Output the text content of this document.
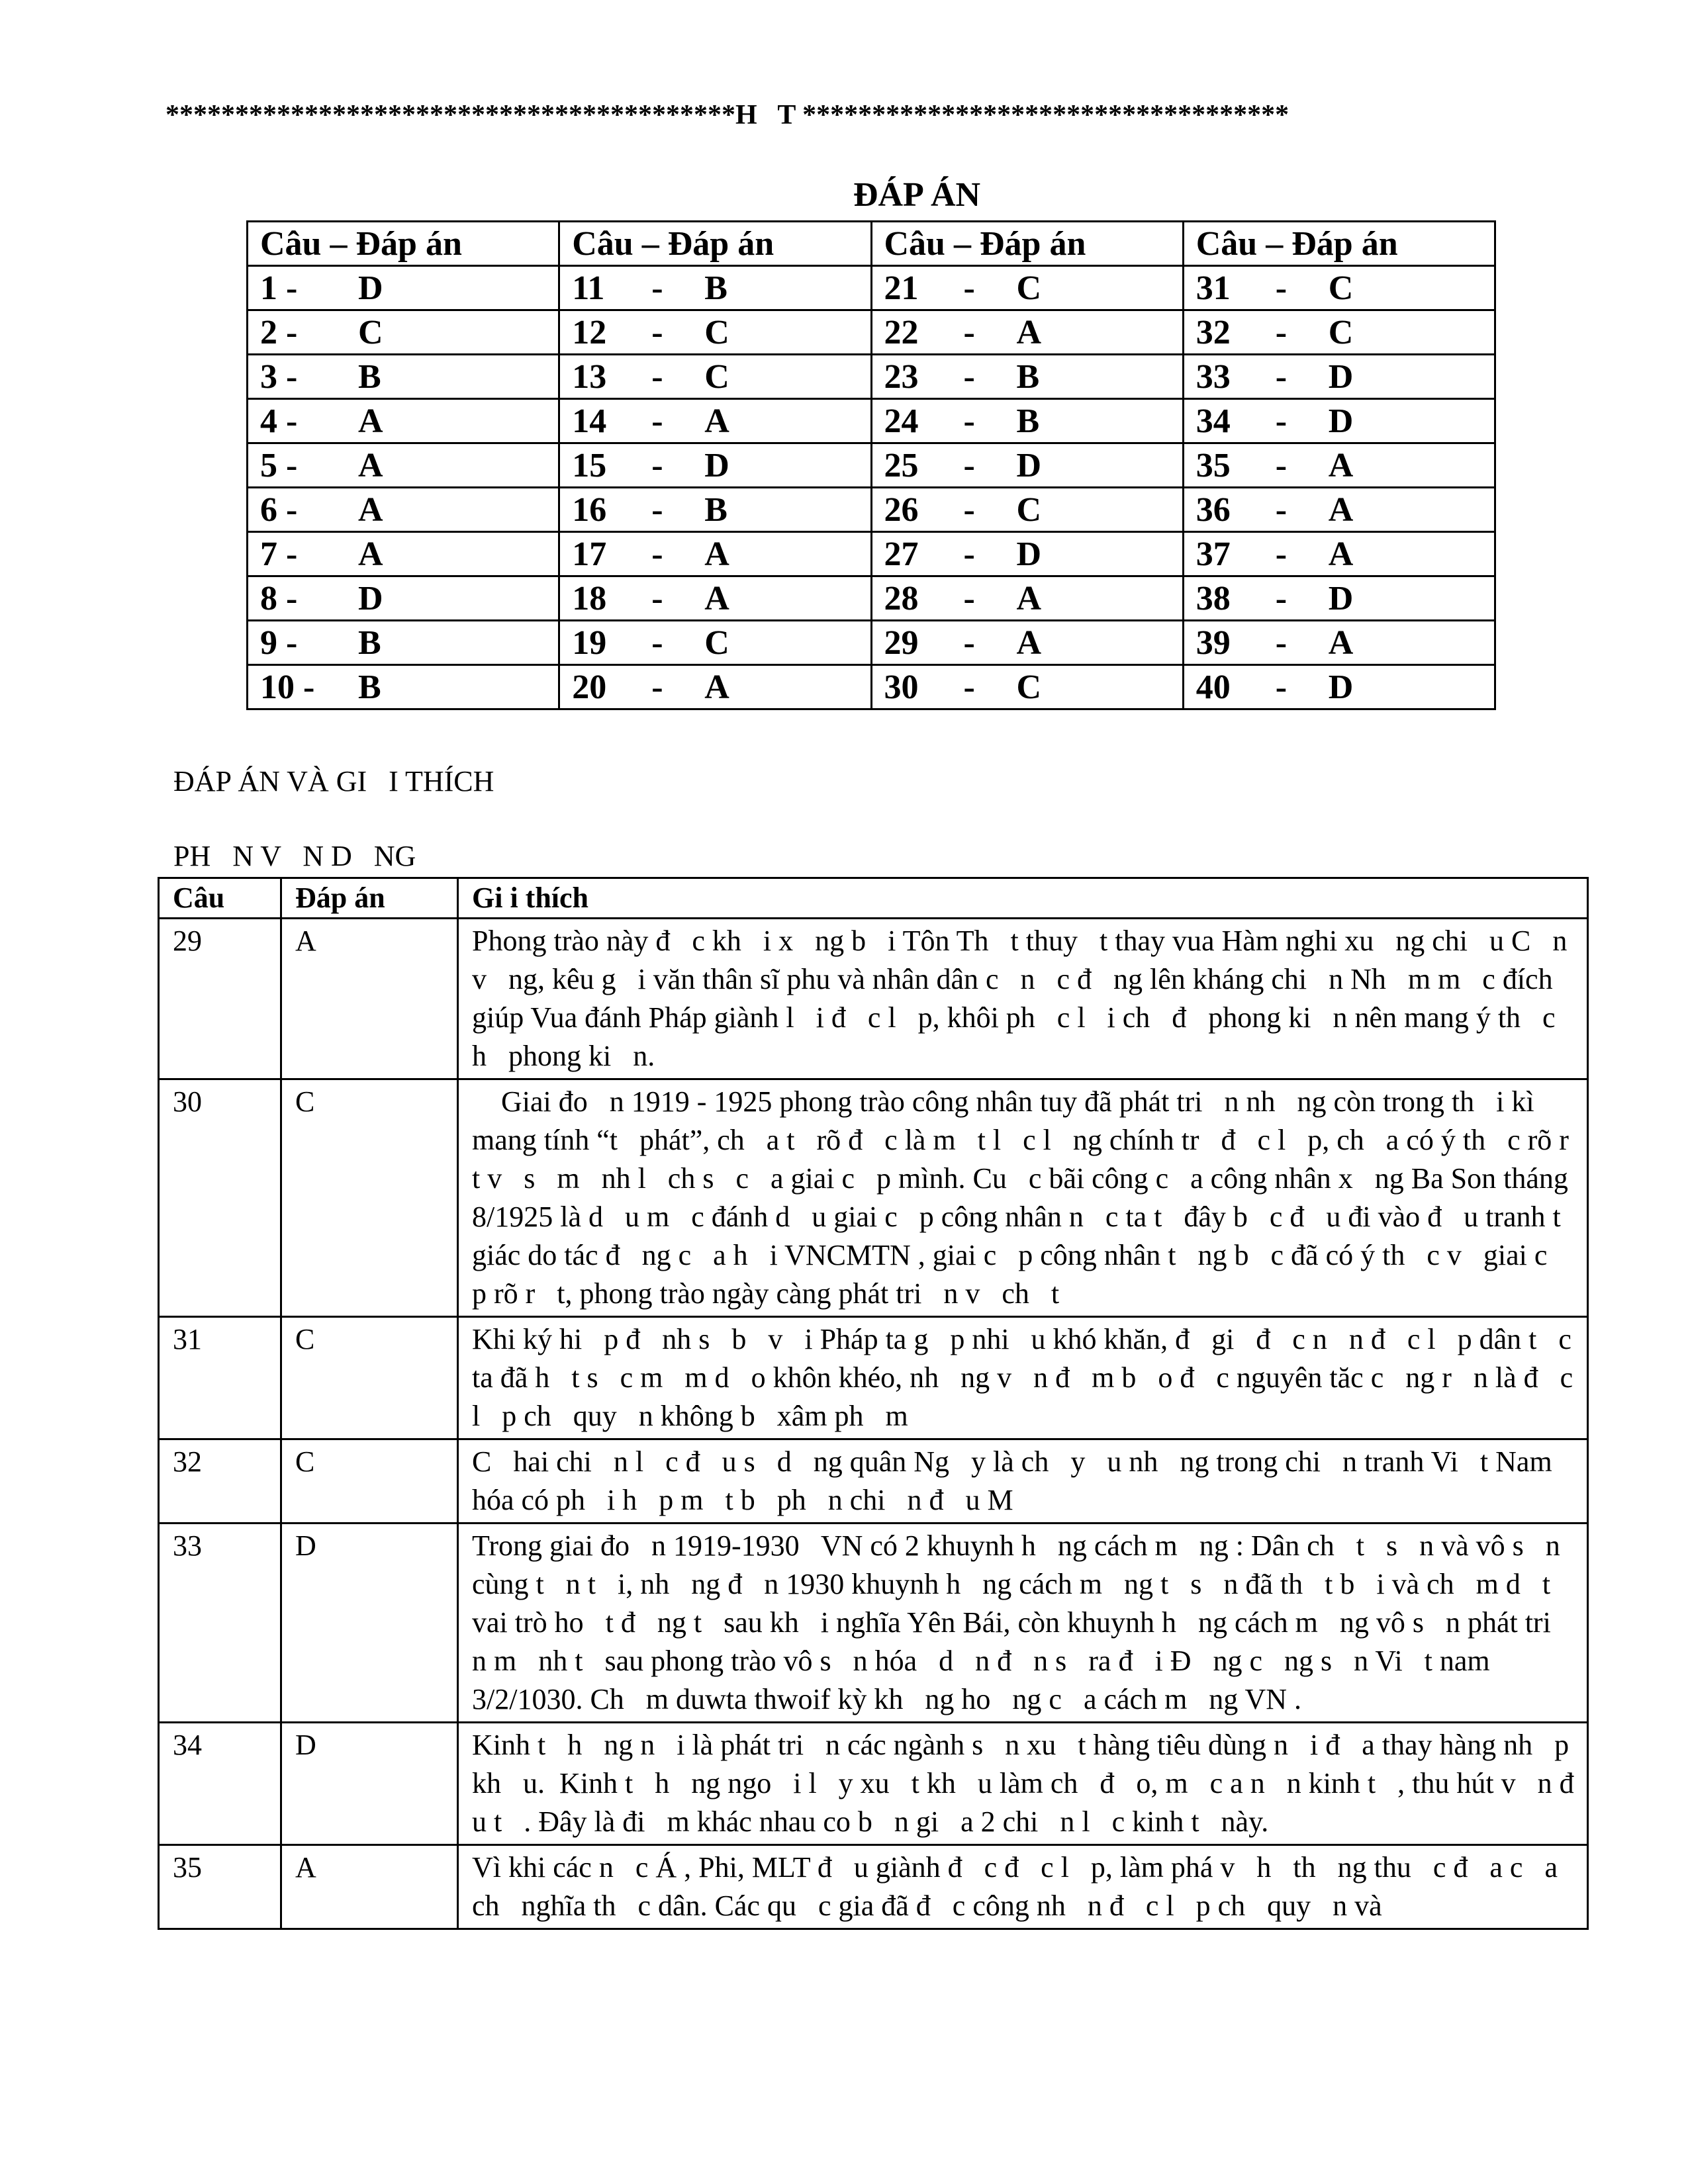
*****************************************H   T ***********************************
ĐÁP ÁN
Câu – Đáp án	Câu – Đáp án	Câu – Đáp án	Câu – Đáp án
1 - D	11 - B	21 - C	31 - C
2 - C	12 - C	22 - A	32 - C
3 - B	13 - C	23 - B	33 - D
4 - A	14 - A	24 - B	34 - D
5 - A	15 - D	25 - D	35 - A
6 - A	16 - B	26 - C	36 - A
7 - A	17 - A	27 - D	37 - A
8 - D	18 - A	28 - A	38 - D
9 - B	19 - C	29 - A	39 - A
10 - B	20 - A	30 - C	40 - D
ĐÁP ÁN VÀ GI   I THÍCH
PH   N V   N D   NG
Câu	Đáp án	Gi i thích
29	A	Phong trào này đ   c kh   i x   ng b   i Tôn Th   t thuy   t thay vua Hàm nghi xu   ng chi   u C   n v   ng, kêu g   i văn thân sĩ phu và nhân dân c   n   c đ   ng lên kháng chi   n Nh   m m   c đích giúp Vua đánh Pháp giành l   i đ   c l   p, khôi ph   c l   i ch   đ   phong ki   n nên mang ý th   c h   phong ki   n.
30	C	Giai đo   n 1919 - 1925 phong trào công nhân tuy đã phát tri   n nh   ng còn trong th   i kì mang tính “t   phát”, ch   a t   rõ đ   c là m   t l   c l   ng chính tr   đ   c l   p, ch   a có ý th   c rõ r   t v   s   m   nh l   ch s   c   a giai c   p mình. Cu   c bãi công c   a công nhân x   ng Ba Son tháng 8/1925 là d   u m   c đánh d   u giai c   p công nhân n   c ta t   đây b   c đ   u đi vào đ   u tranh t   giác do tác đ   ng c   a h   i VNCMTN , giai c   p công nhân t   ng b   c đã có ý th   c v   giai c   p rõ r   t, phong trào ngày càng phát tri   n v   ch   t
31	C	Khi ký hi   p đ   nh s   b   v   i Pháp ta g   p nhi   u khó khăn, đ   gi   đ   c n   n đ   c l   p dân t   c ta đã h   t s   c m   m d   o khôn khéo, nh   ng v   n đ   m b   o đ   c nguyên tăc c   ng r   n là đ   c l   p ch   quy   n không b   xâm ph   m
32	C	C   hai chi   n l   c đ   u s   d   ng quân Ng   y là ch   y   u nh   ng trong chi   n tranh Vi   t Nam hóa có ph   i h   p m   t b   ph   n chi   n đ   u M
33	D	Trong giai đo   n 1919-1930   VN có 2 khuynh h   ng cách m   ng : Dân ch   t   s   n và vô s   n cùng t   n t   i, nh   ng đ   n 1930 khuynh h   ng cách m   ng t   s   n đã th   t b   i và ch   m d   t vai trò ho   t đ   ng t   sau kh   i nghĩa Yên Bái, còn khuynh h   ng cách m   ng vô s   n phát tri   n m   nh t   sau phong trào vô s   n hóa   d   n đ   n s   ra đ   i Đ   ng c   ng s   n Vi   t nam 3/2/1030. Ch   m duwta thwoif kỳ kh   ng ho   ng c   a cách m   ng VN .
34	D	Kinh t   h   ng n   i là phát tri   n các ngành s   n xu   t hàng tiêu dùng n   i đ   a thay hàng nh   p kh   u.  Kinh t   h   ng ngo   i l   y xu   t kh   u làm ch   đ   o, m   c a n   n kinh t   , thu hút v   n đ   u t   . Đây là đi   m khác nhau co b   n gi   a 2 chi   n l   c kinh t   này.
35	A	Vì khi các n   c Á , Phi, MLT đ   u giành đ   c đ   c l   p, làm phá v   h   th   ng thu   c đ   a c   a ch   nghĩa th   c dân. Các qu   c gia đã đ   c công nh   n đ   c l   p ch   quy   n và
